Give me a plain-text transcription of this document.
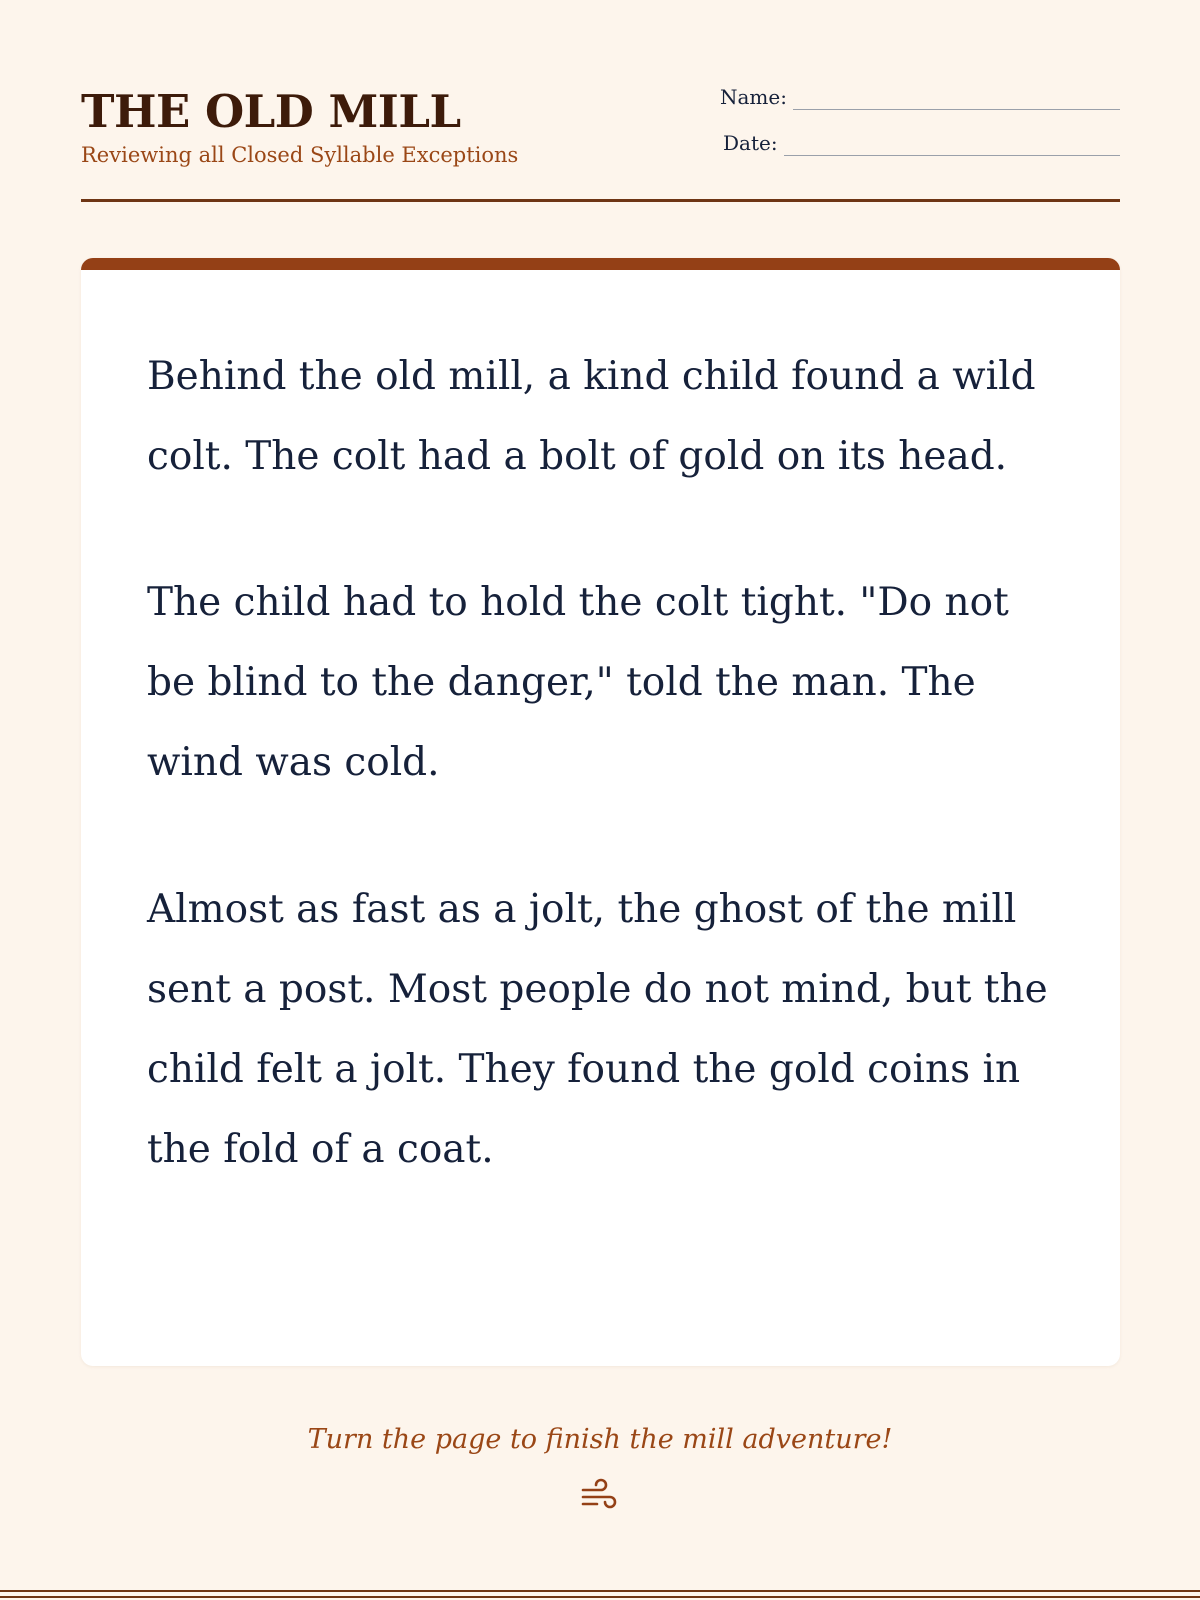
THE OLD MILL
Reviewing all Closed Syllable Exceptions
Name:
Date:

Behind the old mill, a kind child found a wild colt. The colt had a bolt of gold on its head.

The child had to hold the colt tight. "Do not be blind to the danger," told the man. The wind was cold.

Almost as fast as a jolt, the ghost of the mill sent a post. Most people do not mind, but the child felt a jolt. They found the gold coins in the fold of a coat.

Turn the page to finish the mill adventure!
